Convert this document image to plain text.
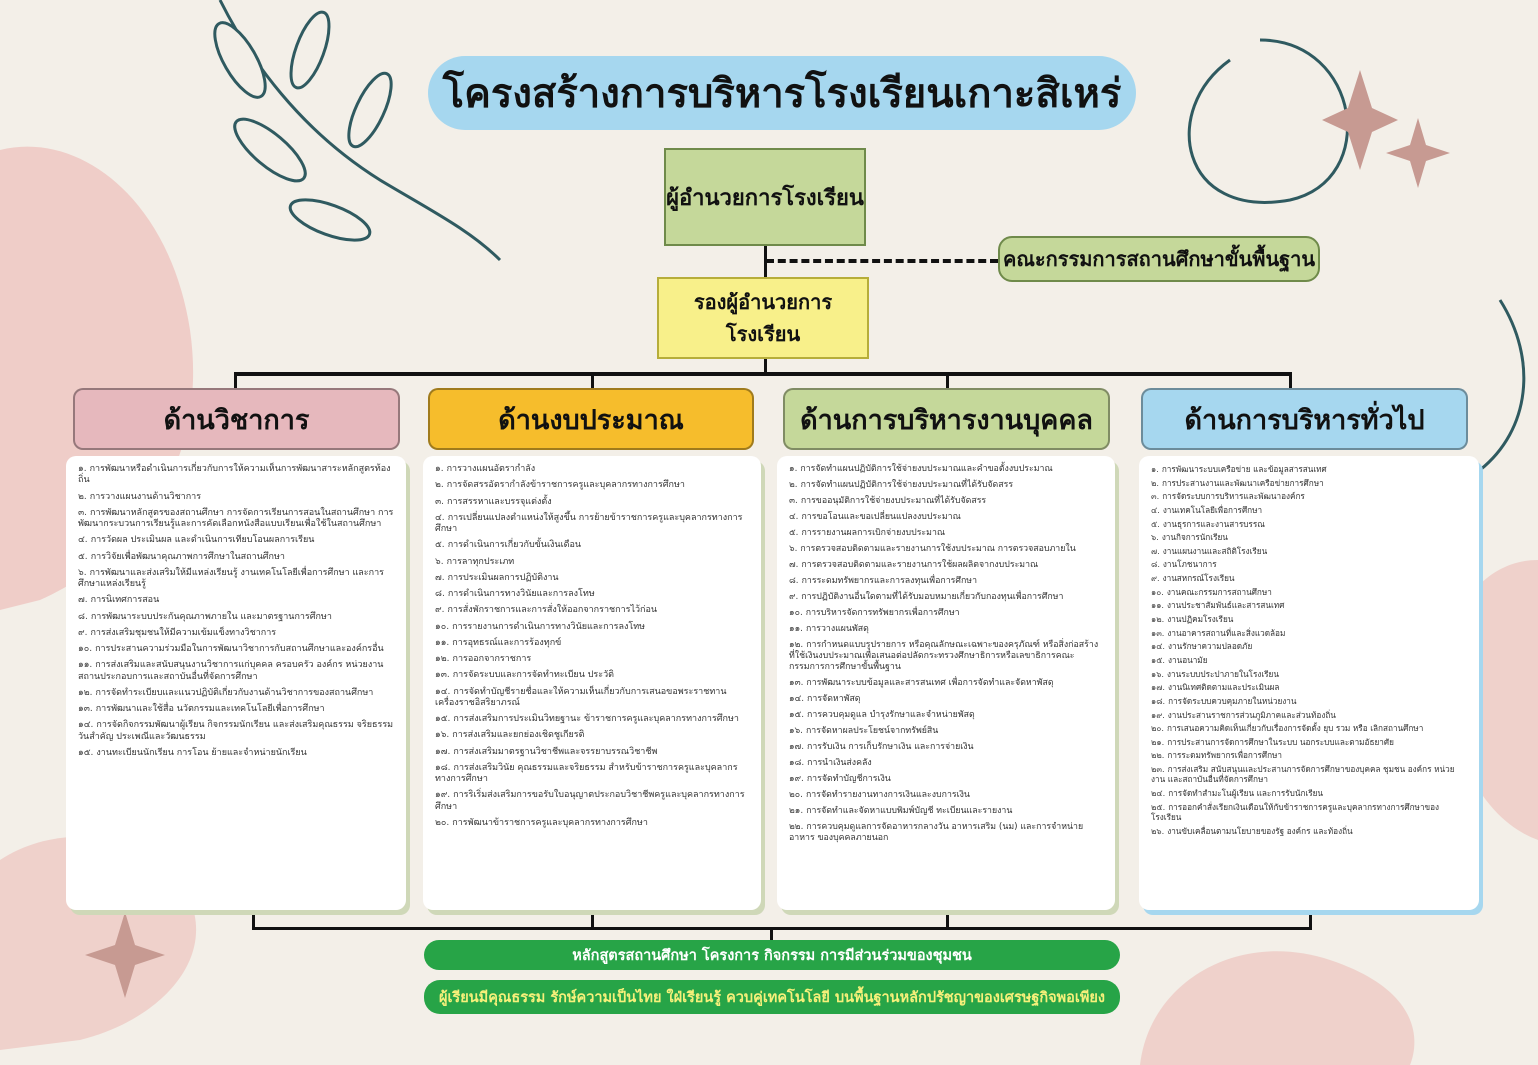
โครงสร้างการบริหารโรงเรียนเกาะสิเหร่
ผู้อำนวยการโรงเรียน
คณะกรรมการสถานศึกษาขั้นพื้นฐาน
รองผู้อำนวยการโรงเรียน
ด้านวิชาการ	ด้านงบประมาณ	ด้านการบริหารงานบุคคล	ด้านการบริหารทั่วไป
๑. การพัฒนาหรือดำเนินการเกี่ยวกับการให้ความเห็นการพัฒนาสาระหลักสูตรท้องถิ่น
๒. การวางแผนงานด้านวิชาการ
๓. การพัฒนาหลักสูตรของสถานศึกษา การจัดการเรียนการสอนในสถานศึกษา การพัฒนากระบวนการเรียนรู้และการคัดเลือกหนังสือแบบเรียนเพื่อใช้ในสถานศึกษา
๔. การวัดผล ประเมินผล และดำเนินการเทียบโอนผลการเรียน
๕. การวิจัยเพื่อพัฒนาคุณภาพการศึกษาในสถานศึกษา
๖. การพัฒนาและส่งเสริมให้มีแหล่งเรียนรู้ งานเทคโนโลยีเพื่อการศึกษา และการศึกษาแหล่งเรียนรู้
๗. การนิเทศการสอน
๘. การพัฒนาระบบประกันคุณภาพภายใน และมาตรฐานการศึกษา
๙. การส่งเสริมชุมชนให้มีความเข้มแข็งทางวิชาการ
๑๐. การประสานความร่วมมือในการพัฒนาวิชาการกับสถานศึกษาและองค์กรอื่น
๑๑. การส่งเสริมและสนับสนุนงานวิชาการแก่บุคคล ครอบครัว องค์กร หน่วยงาน สถานประกอบการและสถาบันอื่นที่จัดการศึกษา
๑๒. การจัดทำระเบียบและแนวปฏิบัติเกี่ยวกับงานด้านวิชาการของสถานศึกษา
๑๓. การพัฒนาและใช้สื่อ นวัตกรรมและเทคโนโลยีเพื่อการศึกษา
๑๔. การจัดกิจกรรมพัฒนาผู้เรียน กิจกรรมนักเรียน และส่งเสริมคุณธรรม จริยธรรม วันสำคัญ ประเพณีและวัฒนธรรม
๑๕. งานทะเบียนนักเรียน การโอน ย้ายและจำหน่ายนักเรียน
๑. การวางแผนอัตรากำลัง
๒. การจัดสรรอัตรากำลังข้าราชการครูและบุคลากรทางการศึกษา
๓. การสรรหาและบรรจุแต่งตั้ง
๔. การเปลี่ยนแปลงตำแหน่งให้สูงขึ้น การย้ายข้าราชการครูและบุคลากรทางการศึกษา
๕. การดำเนินการเกี่ยวกับขั้นเงินเดือน
๖. การลาทุกประเภท
๗. การประเมินผลการปฏิบัติงาน
๘. การดำเนินการทางวินัยและการลงโทษ
๙. การสั่งพักราชการและการสั่งให้ออกจากราชการไว้ก่อน
๑๐. การรายงานการดำเนินการทางวินัยและการลงโทษ
๑๑. การอุทธรณ์และการร้องทุกข์
๑๒. การออกจากราชการ
๑๓. การจัดระบบและการจัดทำทะเบียน ประวัติ
๑๔. การจัดทำบัญชีรายชื่อและให้ความเห็นเกี่ยวกับการเสนอขอพระราชทาน เครื่องราชอิสริยาภรณ์
๑๕. การส่งเสริมการประเมินวิทยฐานะ ข้าราชการครูและบุคลากรทางการศึกษา
๑๖. การส่งเสริมและยกย่องเชิดชูเกียรติ
๑๗. การส่งเสริมมาตรฐานวิชาชีพและจรรยาบรรณวิชาชีพ
๑๘. การส่งเสริมวินัย คุณธรรมและจริยธรรม สำหรับข้าราชการครูและบุคลากรทางการศึกษา
๑๙. การริเริ่มส่งเสริมการขอรับใบอนุญาตประกอบวิชาชีพครูและบุคลากรทางการศึกษา
๒๐. การพัฒนาข้าราชการครูและบุคลากรทางการศึกษา
๑. การจัดทำแผนปฏิบัติการใช้จ่ายงบประมาณและคำขอตั้งงบประมาณ
๒. การจัดทำแผนปฏิบัติการใช้จ่ายงบประมาณที่ได้รับจัดสรร
๓. การขออนุมัติการใช้จ่ายงบประมาณที่ได้รับจัดสรร
๔. การขอโอนและขอเปลี่ยนแปลงงบประมาณ
๕. การรายงานผลการเบิกจ่ายงบประมาณ
๖. การตรวจสอบติดตามและรายงานการใช้งบประมาณ การตรวจสอบภายใน
๗. การตรวจสอบติดตามและรายงานการใช้ผลผลิตจากงบประมาณ
๘. การระดมทรัพยากรและการลงทุนเพื่อการศึกษา
๙. การปฏิบัติงานอื่นใดตามที่ได้รับมอบหมายเกี่ยวกับกองทุนเพื่อการศึกษา
๑๐. การบริหารจัดการทรัพยากรเพื่อการศึกษา
๑๑. การวางแผนพัสดุ
๑๒. การกำหนดแบบรูปรายการ หรือคุณลักษณะเฉพาะของครุภัณฑ์ หรือสิ่งก่อสร้าง ที่ใช้เงินงบประมาณเพื่อเสนอต่อปลัดกระทรวงศึกษาธิการหรือเลขาธิการคณะกรรมการการศึกษาขั้นพื้นฐาน
๑๓. การพัฒนาระบบข้อมูลและสารสนเทศ เพื่อการจัดทำและจัดหาพัสดุ
๑๔. การจัดหาพัสดุ
๑๕. การควบคุมดูแล บำรุงรักษาและจำหน่ายพัสดุ
๑๖. การจัดหาผลประโยชน์จากทรัพย์สิน
๑๗. การรับเงิน การเก็บรักษาเงิน และการจ่ายเงิน
๑๘. การนำเงินส่งคลัง
๑๙. การจัดทำบัญชีการเงิน
๒๐. การจัดทำรายงานทางการเงินและงบการเงิน
๒๑. การจัดทำและจัดหาแบบพิมพ์บัญชี ทะเบียนและรายงาน
๒๒. การควบคุมดูแลการจัดอาหารกลางวัน อาหารเสริม (นม) และการจำหน่ายอาหาร ของบุคคลภายนอก
๑. การพัฒนาระบบเครือข่าย และข้อมูลสารสนเทศ
๒. การประสานงานและพัฒนาเครือข่ายการศึกษา
๓. การจัดระบบการบริหารและพัฒนาองค์กร
๔. งานเทคโนโลยีเพื่อการศึกษา
๕. งานธุรการและงานสารบรรณ
๖. งานกิจการนักเรียน
๗. งานแผนงานและสถิติโรงเรียน
๘. งานโภชนาการ
๙. งานสหกรณ์โรงเรียน
๑๐. งานคณะกรรมการสถานศึกษา
๑๑. งานประชาสัมพันธ์และสารสนเทศ
๑๒. งานปฏิคมโรงเรียน
๑๓. งานอาคารสถานที่และสิ่งแวดล้อม
๑๔. งานรักษาความปลอดภัย
๑๕. งานอนามัย
๑๖. งานระบบประปาภายในโรงเรียน
๑๗. งานนิเทศติดตามและประเมินผล
๑๘. การจัดระบบควบคุมภายในหน่วยงาน
๑๙. งานประสานราชการส่วนภูมิภาคและส่วนท้องถิ่น
๒๐. การเสนอความคิดเห็นเกี่ยวกับเรื่องการจัดตั้ง ยุบ รวม หรือ เลิกสถานศึกษา
๒๑. การประสานการจัดการศึกษาในระบบ นอกระบบและตามอัธยาศัย
๒๒. การระดมทรัพยากรเพื่อการศึกษา
๒๓. การส่งเสริม สนับสนุนและประสานการจัดการศึกษาของบุคคล ชุมชน องค์กร หน่วยงาน และสถาบันอื่นที่จัดการศึกษา
๒๔. การจัดทำสำมะโนผู้เรียน และการรับนักเรียน
๒๕. การออกคำสั่งเรียกเงินเดือนให้กับข้าราชการครูและบุคลากรทางการศึกษาของโรงเรียน
๒๖. งานขับเคลื่อนตามนโยบายของรัฐ องค์กร และท้องถิ่น
หลักสูตรสถานศึกษา โครงการ กิจกรรม การมีส่วนร่วมของชุมชน
ผู้เรียนมีคุณธรรม รักษ์ความเป็นไทย ใฝ่เรียนรู้ ควบคู่เทคโนโลยี บนพื้นฐานหลักปรัชญาของเศรษฐกิจพอเพียง
